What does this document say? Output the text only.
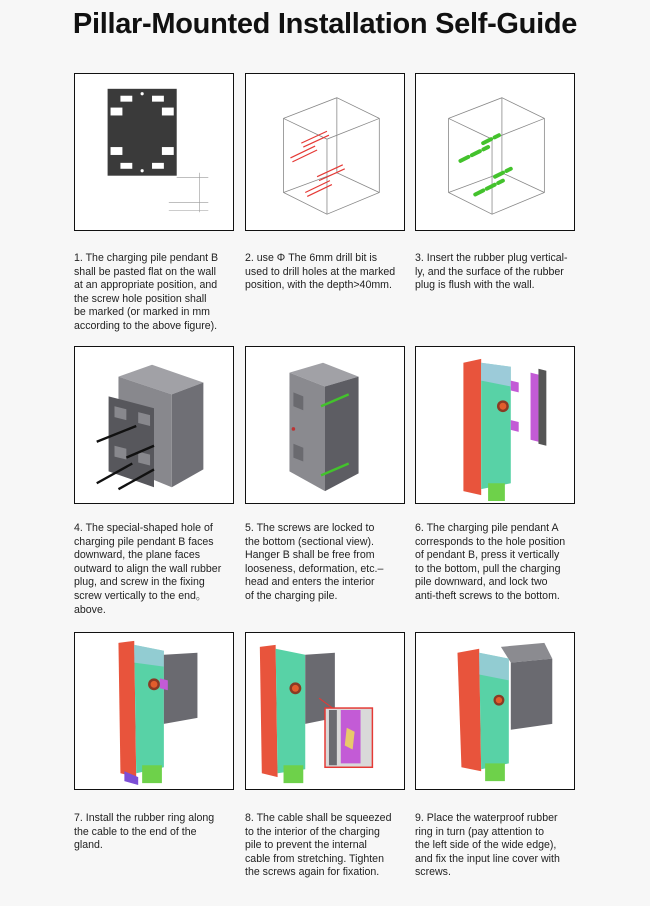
Pillar-Mounted Installation Self-Guide
1. The charging pile pendant B
shall be pasted flat on the wall
at an appropriate position, and
the screw hole position shall
be marked (or marked in mm
according to the above figure).
2. use Φ The 6mm drill bit is
used to drill holes at the marked
position, with the depth>40mm.
3. Insert the rubber plug vertical-
ly, and the surface of the rubber
plug is flush with the wall.
4. The special-shaped hole of
charging pile pendant B faces
downward, the plane faces
outward to align the wall rubber
plug, and screw in the fixing
screw vertically to the end。
above.
5. The screws are locked to
the bottom (sectional view).
Hanger B shall be free from
looseness, deformation, etc.–
head and enters the interior
of the charging pile.
6. The charging pile pendant A
corresponds to the hole position
of pendant B, press it vertically
to the bottom, pull the charging
pile downward, and lock two
anti-theft screws to the bottom.
7. Install the rubber ring along
the cable to the end of the
gland.
8. The cable shall be squeezed
to the interior of the charging
pile to prevent the internal
cable from stretching. Tighten
the screws again for fixation.
9. Place the waterproof rubber
ring in turn (pay attention to
the left side of the wide edge),
and fix the input line cover with
screws.
